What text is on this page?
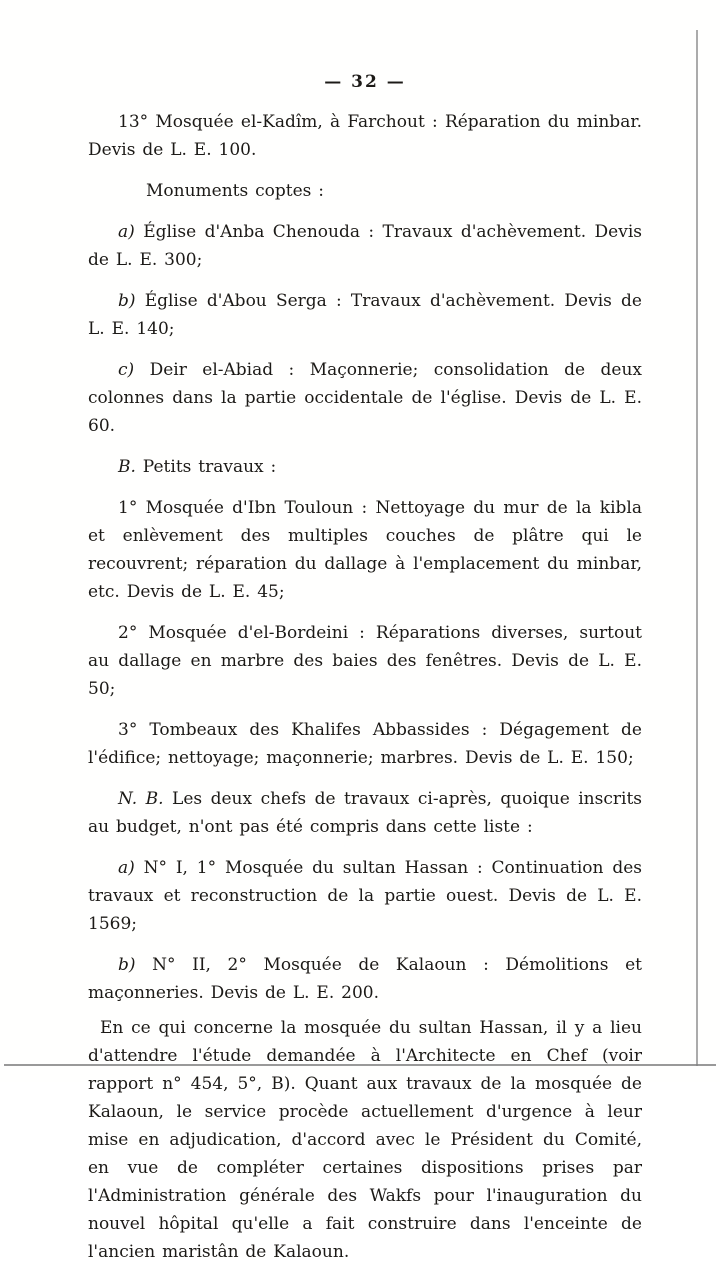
— 32 —

13° Mosquée el-Kadîm, à Farchout : Réparation du minbar. Devis de L. E. 100.

Monuments coptes :

a) Église d'Anba Chenouda : Travaux d'achèvement. Devis de L. E. 300;

b) Église d'Abou Serga : Travaux d'achèvement. Devis de L. E. 140;

c) Deir el-Abiad : Maçonnerie; consolidation de deux colonnes dans la partie occidentale de l'église. Devis de L. E. 60.

B. Petits travaux :

1° Mosquée d'Ibn Touloun : Nettoyage du mur de la kibla et enlèvement des multiples couches de plâtre qui le recouvrent; réparation du dallage à l'emplacement du minbar, etc. Devis de L. E. 45;

2° Mosquée d'el-Bordeini : Réparations diverses, surtout au dallage en marbre des baies des fenêtres. Devis de L. E. 50;

3° Tombeaux des Khalifes Abbassides : Dégagement de l'édifice; nettoyage; maçonnerie; marbres. Devis de L. E. 150;

N. B. Les deux chefs de travaux ci-après, quoique inscrits au budget, n'ont pas été compris dans cette liste :

a) N° I, 1° Mosquée du sultan Hassan : Continuation des travaux et reconstruction de la partie ouest. Devis de L. E. 1569;

b) N° II, 2° Mosquée de Kalaoun : Démolitions et maçonneries. Devis de L. E. 200.

En ce qui concerne la mosquée du sultan Hassan, il y a lieu d'attendre l'étude demandée à l'Architecte en Chef (voir rapport n° 454, 5°, B). Quant aux travaux de la mosquée de Kalaoun, le service procède actuellement d'urgence à leur mise en adjudication, d'accord avec le Président du Comité, en vue de compléter certaines dispositions prises par l'Administration générale des Wakfs pour l'inauguration du nouvel hôpital qu'elle a fait construire dans l'enceinte de l'ancien maristân de Kalaoun.
